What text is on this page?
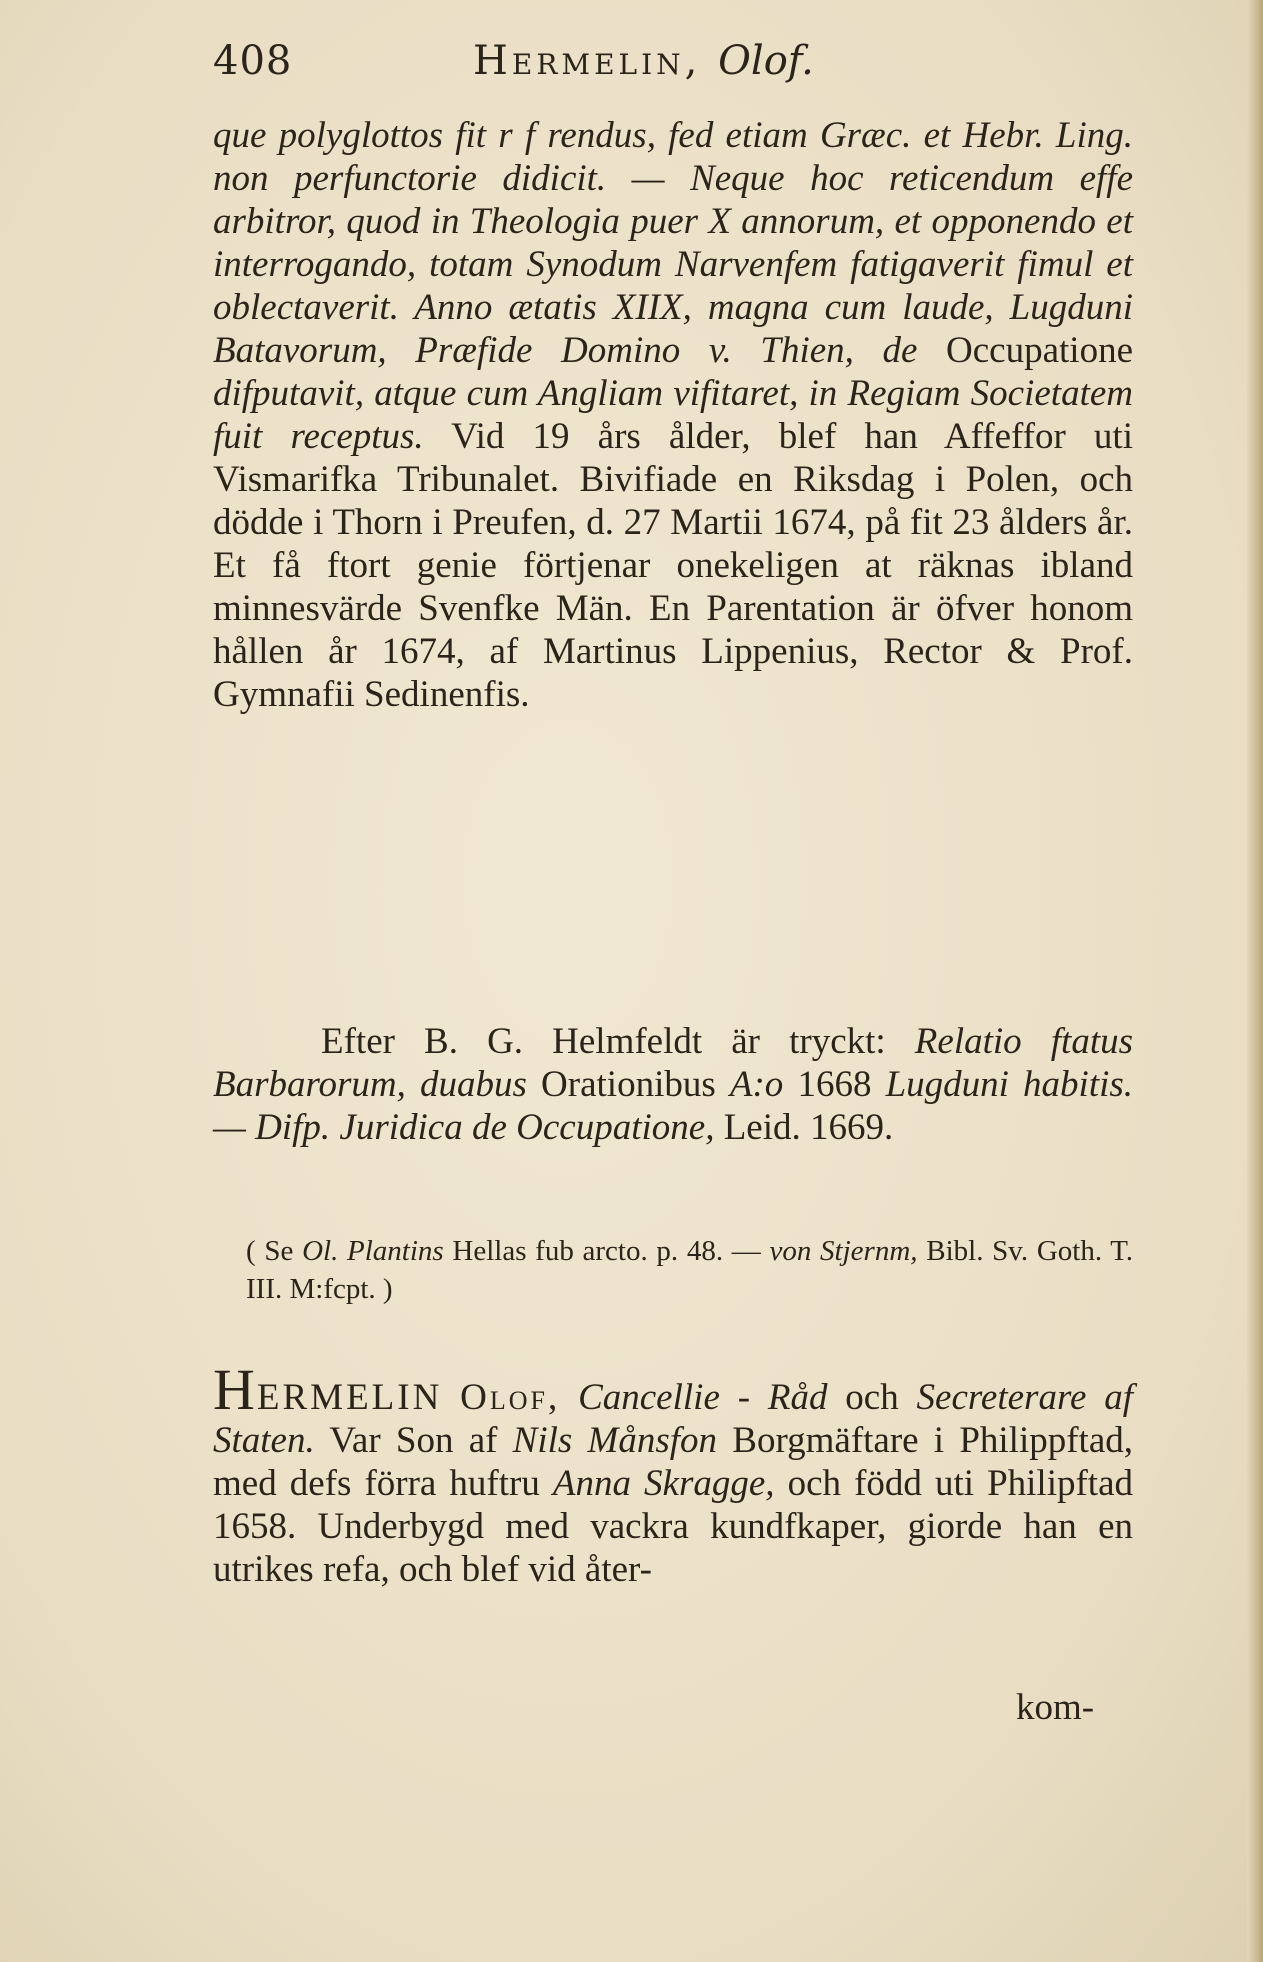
408	Hermelin, Olof.

que polyglottos fit r f rendus, fed etiam Græc. et Hebr. Ling. non perfunctorie didicit. — Neque hoc reticendum effe arbitror, quod in Theologia puer X annorum, et opponendo et interrogando, totam Synodum Narvenfem fatigaverit fimul et oblectaverit. Anno ætatis XIIX, magna cum laude, Lugduni Batavorum, Præfide Domino v. Thien, de Occupatione difputavit, atque cum Angliam vifitaret, in Regiam Societatem fuit receptus. Vid 19 års ålder, blef han Affeffor uti Vismarifka Tribunalet. Bivifiade en Riksdag i Polen, och dödde i Thorn i Preufen, d. 27 Martii 1674, på fit 23 ålders år. Et få ftort genie förtjenar onekeligen at räknas ibland minnesvärde Svenfke Män. En Parentation är öfver honom hållen år 1674, af Martinus Lippenius, Rector & Prof. Gymnafii Sedinenfis.

Efter B. G. Helmfeldt är tryckt: Relatio ftatus Barbarorum, duabus Orationibus A:o 1668 Lugduni habitis. — Difp. Juridica de Occupatione, Leid. 1669.

( Se Ol. Plantins Hellas fub arcto. p. 48. — von Stjernm, Bibl. Sv. Goth. T. III. M:fcpt. )

HERMELIN Olof, Cancellie - Råd och Secreterare af Staten. Var Son af Nils Månsfon Borgmäftare i Philippftad, med defs förra huftru Anna Skragge, och född uti Philipftad 1658. Underbygd med vackra kundfkaper, giorde han en utrikes refa, och blef vid åter-

kom-
